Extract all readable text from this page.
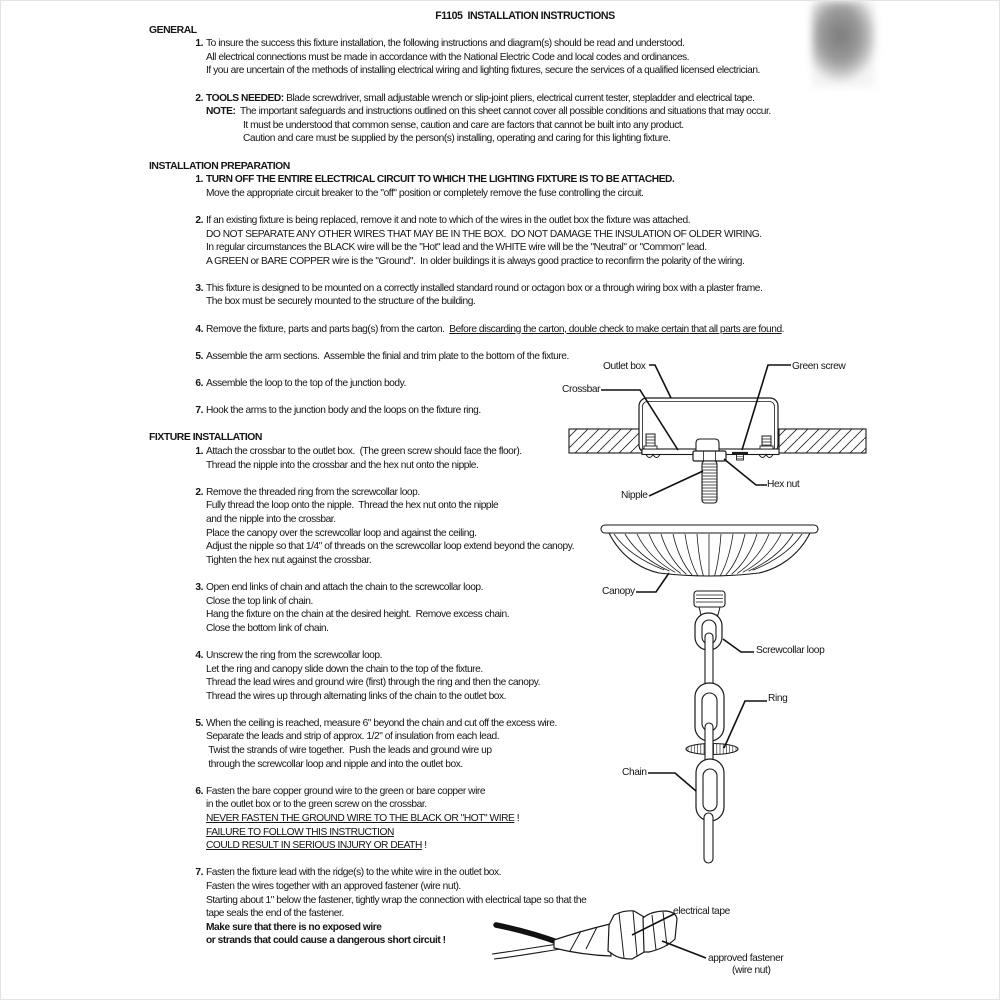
F1105  INSTALLATION INSTRUCTIONS
GENERAL
1. To insure the success this fixture installation, the following instructions and diagram(s) should be read and understood.
All electrical connections must be made in accordance with the National Electric Code and local codes and ordinances.
If you are uncertain of the methods of installing electrical wiring and lighting fixtures, secure the services of a qualified licensed electrician.
2. TOOLS NEEDED: Blade screwdriver, small adjustable wrench or slip-joint pliers, electrical current tester, stepladder and electrical tape.
NOTE:  The important safeguards and instructions outlined on this sheet cannot cover all possible conditions and situations that may occur.
It must be understood that common sense, caution and care are factors that cannot be built into any product.
Caution and care must be supplied by the person(s) installing, operating and caring for this lighting fixture.
INSTALLATION PREPARATION
1. TURN OFF THE ENTIRE ELECTRICAL CIRCUIT TO WHICH THE LIGHTING FIXTURE IS TO BE ATTACHED.
Move the appropriate circuit breaker to the "off" position or completely remove the fuse controlling the circuit.
2. If an existing fixture is being replaced, remove it and note to which of the wires in the outlet box the fixture was attached.
DO NOT SEPARATE ANY OTHER WIRES THAT MAY BE IN THE BOX.  DO NOT DAMAGE THE INSULATION OF OLDER WIRING.
In regular circumstances the BLACK wire will be the "Hot" lead and the WHITE wire will be the "Neutral" or "Common" lead.
A GREEN or BARE COPPER wire is the "Ground".  In older buildings it is always good practice to reconfirm the polarity of the wiring.
3. This fixture is designed to be mounted on a correctly installed standard round or octagon box or a through wiring box with a plaster frame.
The box must be securely mounted to the structure of the building.
4. Remove the fixture, parts and parts bag(s) from the carton.  Before discarding the carton, double check to make certain that all parts are found.
5. Assemble the arm sections.  Assemble the finial and trim plate to the bottom of the fixture.
6. Assemble the loop to the top of the junction body.
7. Hook the arms to the junction body and the loops on the fixture ring.
FIXTURE INSTALLATION
1. Attach the crossbar to the outlet box.  (The green screw should face the floor).
Thread the nipple into the crossbar and the hex nut onto the nipple.
2. Remove the threaded ring from the screwcollar loop.
Fully thread the loop onto the nipple.  Thread the hex nut onto the nipple
and the nipple into the crossbar.
Place the canopy over the screwcollar loop and against the ceiling.
Adjust the nipple so that 1/4" of threads on the screwcollar loop extend beyond the canopy.
Tighten the hex nut against the crossbar.
3. Open end links of chain and attach the chain to the screwcollar loop.
Close the top link of chain.
Hang the fixture on the chain at the desired height.  Remove excess chain.
Close the bottom link of chain.
4. Unscrew the ring from the screwcollar loop.
Let the ring and canopy slide down the chain to the top of the fixture.
Thread the lead wires and ground wire (first) through the ring and then the canopy.
Thread the wires up through alternating links of the chain to the outlet box.
5. When the ceiling is reached, measure 6" beyond the chain and cut off the excess wire.
Separate the leads and strip of approx. 1/2" of insulation from each lead.
Twist the strands of wire together.  Push the leads and ground wire up
through the screwcollar loop and nipple and into the outlet box.
6. Fasten the bare copper ground wire to the green or bare copper wire
in the outlet box or to the green screw on the crossbar.
NEVER FASTEN THE GROUND WIRE TO THE BLACK OR "HOT" WIRE !
FAILURE TO FOLLOW THIS INSTRUCTION
COULD RESULT IN SERIOUS INJURY OR DEATH !
7. Fasten the fixture lead with the ridge(s) to the white wire in the outlet box.
Fasten the wires together with an approved fastener (wire nut).
Starting about 1" below the fastener, tightly wrap the connection with electrical tape so that the
tape seals the end of the fastener.
Make sure that there is no exposed wire
or strands that could cause a dangerous short circuit !
Outlet box	Green screw
Crossbar
Nipple
Hex nut
Canopy
Screwcollar loop
Ring
Chain
electrical tape
approved fastener
(wire nut)
